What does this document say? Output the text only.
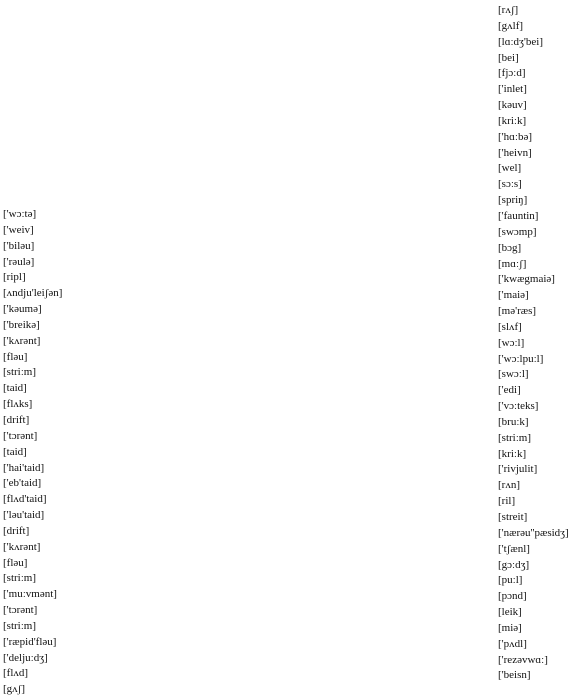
['wɔːtə]
['weiv]
['biləu]
['rəulə]
[ripl]
[ʌndju'leiʃən]
['kəumə]
['breikə]
['kʌrənt]
[fləu]
[striːm]
[taid]
[flʌks]
[drift]
['tɔrənt]
[taid]
['hai'taid]
['eb'taid]
[flʌd'taid]
['ləu'taid]
[drift]
['kʌrənt]
[fləu]
[striːm]
['muːvmənt]
['tɔrənt]
[striːm]
['ræpid'fləu]
['deljuːdʒ]
[flʌd]
[gʌʃ]
[rʌʃ]
[gʌlf]
[lɑːdʒ'bei]
[bei]
[fjɔːd]
['inlet]
[kəuv]
[kriːk]
['hɑːbə]
['heivn]
[wel]
[sɔːs]
[spriŋ]
['fauntin]
[swɔmp]
[bɔg]
[mɑːʃ]
['kwægmaiə]
['maiə]
[mə'ræs]
[slʌf]
[wɔːl]
['wɔːlpuːl]
[swɔːl]
['edi]
['vɔːteks]
[bruːk]
[striːm]
[kriːk]
['rivjulit]
[rʌn]
[ril]
[streit]
['nærəu''pæsidʒ]
['tʃænl]
[gɔːdʒ]
[puːl]
[pɔnd]
[leik]
[miə]
['pʌdl]
['rezəvwɑː]
['beisn]
